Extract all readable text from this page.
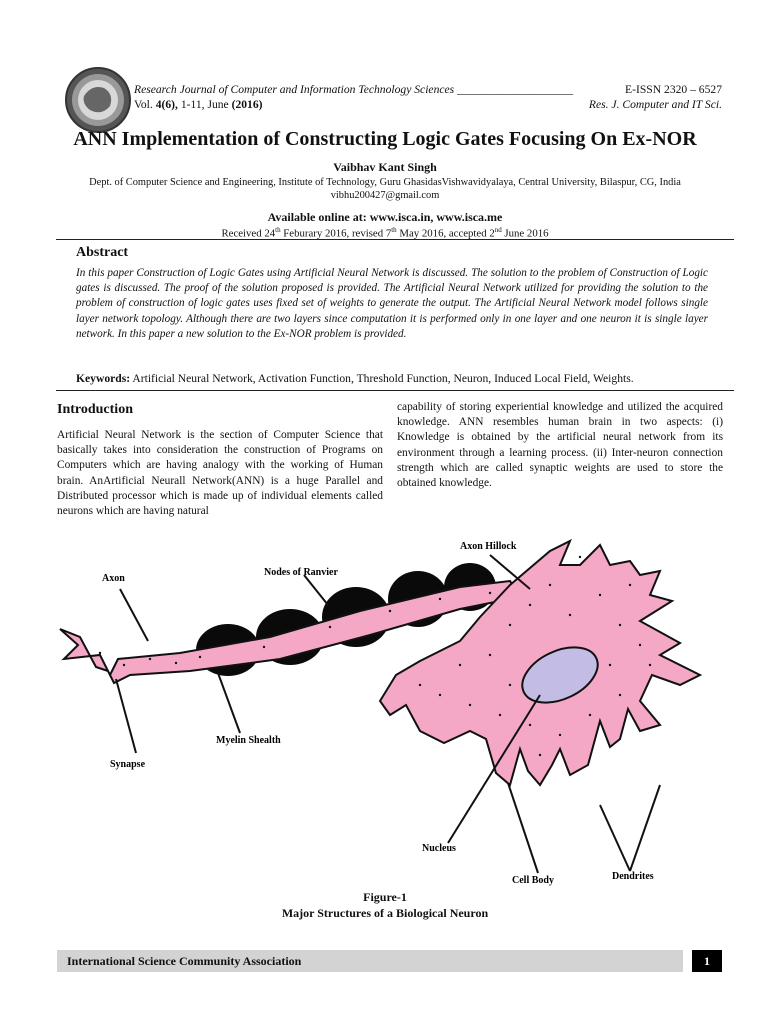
Research Journal of Computer and Information Technology Sciences ____________________
Vol. 4(6), 1-11, June (2016)
E-ISSN 2320 – 6527
Res. J. Computer and IT Sci.
ANN Implementation of Constructing Logic Gates Focusing On Ex-NOR
Vaibhav Kant Singh
Dept. of Computer Science and Engineering, Institute of Technology, Guru GhasidasVishwavidyalaya, Central University, Bilaspur, CG, India
vibhu200427@gmail.com
Available online at: www.isca.in, www.isca.me
Received 24th Feburary 2016, revised 7th May 2016, accepted 2nd June 2016
Abstract
In this paper Construction of Logic Gates using Artificial Neural Network is discussed. The solution to the problem of Construction of Logic gates is discussed. The proof of the solution proposed is provided. The Artificial Neural Network utilized for providing the solution to the problem of construction of logic gates uses fixed set of weights to generate the output. The Artificial Neural Network model follows single layer network topology. Although there are two layers since computation it is performed only in one layer and one neuron it is single layer network. In this paper a new solution to the Ex-NOR problem is provided.
Keywords: Artificial Neural Network, Activation Function, Threshold Function, Neuron, Induced Local Field, Weights.
Introduction
Artificial Neural Network is the section of Computer Science that basically takes into consideration the construction of Programs on Computers which are having analogy with the working of Human brain. AnArtificial Neurall Network(ANN) is a huge Parallel and Distributed processor which is made up of individual elements called neurons which are having natural
capability of storing experiential knowledge and utilized the acquired knowledge. ANN resembles human brain in two aspects: (i) Knowledge is obtained by the artificial neural network from its environment through a learning process. (ii) Inter-neuron connection strength which are called synaptic weights are used to store the obtained knowledge.
Axon
Nodes of Ranvier
Axon Hillock
Myelin Shealth
Synapse
Nucleus
Cell Body	Dendrites
Figure-1
Major Structures of a Biological Neuron
International Science Community Association	1
